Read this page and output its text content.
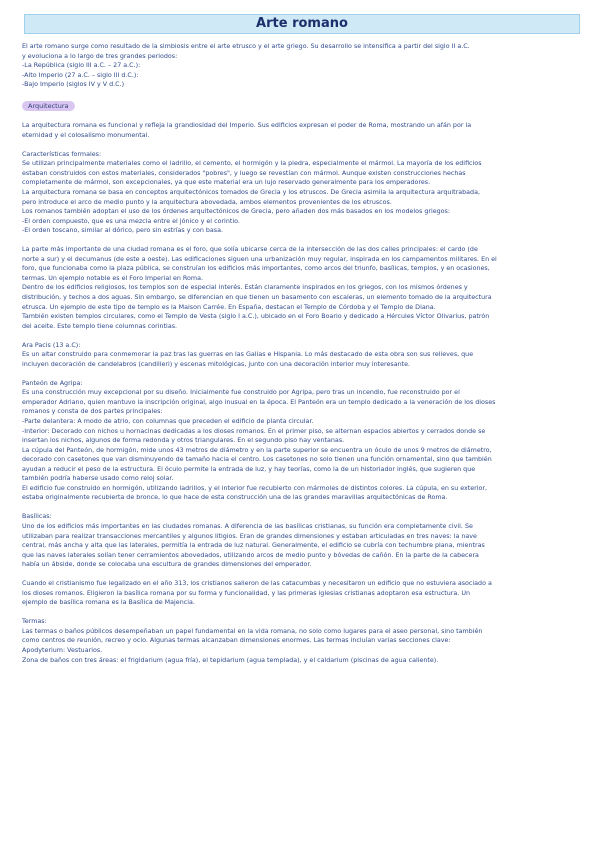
Arte romano

El arte romano surge como resultado de la simbiosis entre el arte etrusco y el arte griego. Su desarrollo se intensifica a partir del siglo II a.C.
y evoluciona a lo largo de tres grandes periodos:
-La República (siglo III a.C. – 27 a.C.):
-Alto Imperio (27 a.C. – siglo III d.C.):
-Bajo Imperio (siglos IV y V d.C.)

Arquitectura

La arquitectura romana es funcional y refleja la grandiosidad del Imperio. Sus edificios expresan el poder de Roma, mostrando un afán por la
eternidad y el colosalismo monumental.

Características formales:
Se utilizan principalmente materiales como el ladrillo, el cemento, el hormigón y la piedra, especialmente el mármol. La mayoría de los edificios
estaban construidos con estos materiales, considerados "pobres", y luego se revestían con mármol. Aunque existen construcciones hechas
completamente de mármol, son excepcionales, ya que este material era un lujo reservado generalmente para los emperadores.
La arquitectura romana se basa en conceptos arquitectónicos tomados de Grecia y los etruscos. De Grecia asimila la arquitectura arquitrabada,
pero introduce el arco de medio punto y la arquitectura abovedada, ambos elementos provenientes de los etruscos.
Los romanos también adoptan el uso de los órdenes arquitectónicos de Grecia, pero añaden dos más basados en los modelos griegos:
-El orden compuesto, que es una mezcla entre el jónico y el corintio.
-El orden toscano, similar al dórico, pero sin estrías y con basa.

La parte más importante de una ciudad romana es el foro, que solía ubicarse cerca de la intersección de las dos calles principales: el cardo (de
norte a sur) y el decumanus (de este a oeste). Las edificaciones siguen una urbanización muy regular, inspirada en los campamentos militares. En el
foro, que funcionaba como la plaza pública, se construían los edificios más importantes, como arcos del triunfo, basílicas, templos, y en ocasiones,
termas. Un ejemplo notable es el Foro Imperial en Roma.
Dentro de los edificios religiosos, los templos son de especial interés. Están claramente inspirados en los griegos, con los mismos órdenes y
distribución, y techos a dos aguas. Sin embargo, se diferencian en que tienen un basamento con escaleras, un elemento tomado de la arquitectura
etrusca. Un ejemplo de este tipo de templo es la Maison Carrée. En España, destacan el Templo de Córdoba y el Templo de Diana.
También existen templos circulares, como el Templo de Vesta (siglo I a.C.), ubicado en el Foro Boario y dedicado a Hércules Víctor Olivarius, patrón
del aceite. Este templo tiene columnas corintias.

Ara Pacis (13 a.C):
Es un altar construido para conmemorar la paz tras las guerras en las Galias e Hispania. Lo más destacado de esta obra son sus relieves, que
incluyen decoración de candelabros (candilieri) y escenas mitológicas, junto con una decoración interior muy interesante.

Panteón de Agripa:
Es una construcción muy excepcional por su diseño. Inicialmente fue construido por Agripa, pero tras un incendio, fue reconstruido por el
emperador Adriano, quien mantuvo la inscripción original, algo inusual en la época. El Panteón era un templo dedicado a la veneración de los dioses
romanos y consta de dos partes principales:
-Parte delantera: A modo de atrio, con columnas que preceden el edificio de planta circular.
-Interior: Decorado con nichos u hornacinas dedicadas a los dioses romanos. En el primer piso, se alternan espacios abiertos y cerrados donde se
insertan los nichos, algunos de forma redonda y otros triangulares. En el segundo piso hay ventanas.
La cúpula del Panteón, de hormigón, mide unos 43 metros de diámetro y en la parte superior se encuentra un óculo de unos 9 metros de diámetro,
decorado con casetones que van disminuyendo de tamaño hacia el centro. Los casetones no solo tienen una función ornamental, sino que también
ayudan a reducir el peso de la estructura. El óculo permite la entrada de luz, y hay teorías, como la de un historiador inglés, que sugieren que
también podría haberse usado como reloj solar.
El edificio fue construido en hormigón, utilizando ladrillos, y el interior fue recubierto con mármoles de distintos colores. La cúpula, en su exterior,
estaba originalmente recubierta de bronce, lo que hace de esta construcción una de las grandes maravillas arquitectónicas de Roma.

Basílicas:
Uno de los edificios más importantes en las ciudades romanas. A diferencia de las basílicas cristianas, su función era completamente civil. Se
utilizaban para realizar transacciones mercantiles y algunos litigios. Eran de grandes dimensiones y estaban articuladas en tres naves: la nave
central, más ancha y alta que las laterales, permitía la entrada de luz natural. Generalmente, el edificio se cubría con techumbre plana, mientras
que las naves laterales solían tener cerramientos abovedados, utilizando arcos de medio punto y bóvedas de cañón. En la parte de la cabecera
había un ábside, donde se colocaba una escultura de grandes dimensiones del emperador.

Cuando el cristianismo fue legalizado en el año 313, los cristianos salieron de las catacumbas y necesitaron un edificio que no estuviera asociado a
los dioses romanos. Eligieron la basílica romana por su forma y funcionalidad, y las primeras iglesias cristianas adoptaron esa estructura. Un
ejemplo de basílica romana es la Basílica de Majencia.

Termas:
Las termas o baños públicos desempeñaban un papel fundamental en la vida romana, no solo como lugares para el aseo personal, sino también
como centros de reunión, recreo y ocio. Algunas termas alcanzaban dimensiones enormes. Las termas incluían varias secciones clave:
Apodyterium: Vestuarios.
Zona de baños con tres áreas: el frigidarium (agua fría), el tepidarium (agua templada), y el caldarium (piscinas de agua caliente).
